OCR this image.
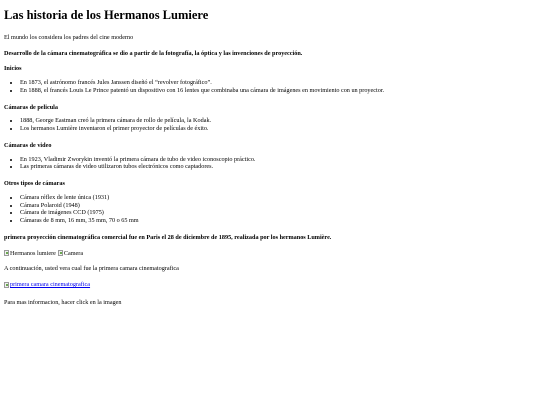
Las historia de los Hermanos Lumiere

El mundo los considera los padres del cine moderno

Desarrollo de la cámara cinematográfica se dio a partir de la fotografía, la óptica y las invenciones de proyección.

Inicios
• En 1873, el astrónomo francés Jules Janssen diseñó el “revolver fotográfico”.
• En 1888, el francés Louis Le Prince patentó un dispositivo con 16 lentes que combinaba una cámara de imágenes en movimiento con un proyector.
Cámaras de pelicula
• 1888, George Eastman creó la primera cámara de rollo de película, la Kodak.
• Los hermanos Lumière inventaron el primer proyector de películas de éxito.
Cámaras de video
• En 1923, Vladimir Zworykin inventó la primera cámara de tubo de video iconoscopio práctico.
• Las primeras cámaras de video utilizaron tubos electrónicos como captadores.
Otros tipos de cámaras
• Cámara réflex de lente única (1931)
• Cámara Polaroid (1948)
• Cámara de imágenes CCD (1975)
• Cámaras de 8 mm, 16 mm, 35 mm, 70 o 65 mm

primera proyección cinematográfica comercial fue en Paris el 28 de diciembre de 1895, realizada por los hermanos Lumière.

Hermanos lumiere Camera

A continuación, usted vera cual fue la primera camara cinematografica

primera camara cinematografica

Para mas informacion, hacer click en la imagen
